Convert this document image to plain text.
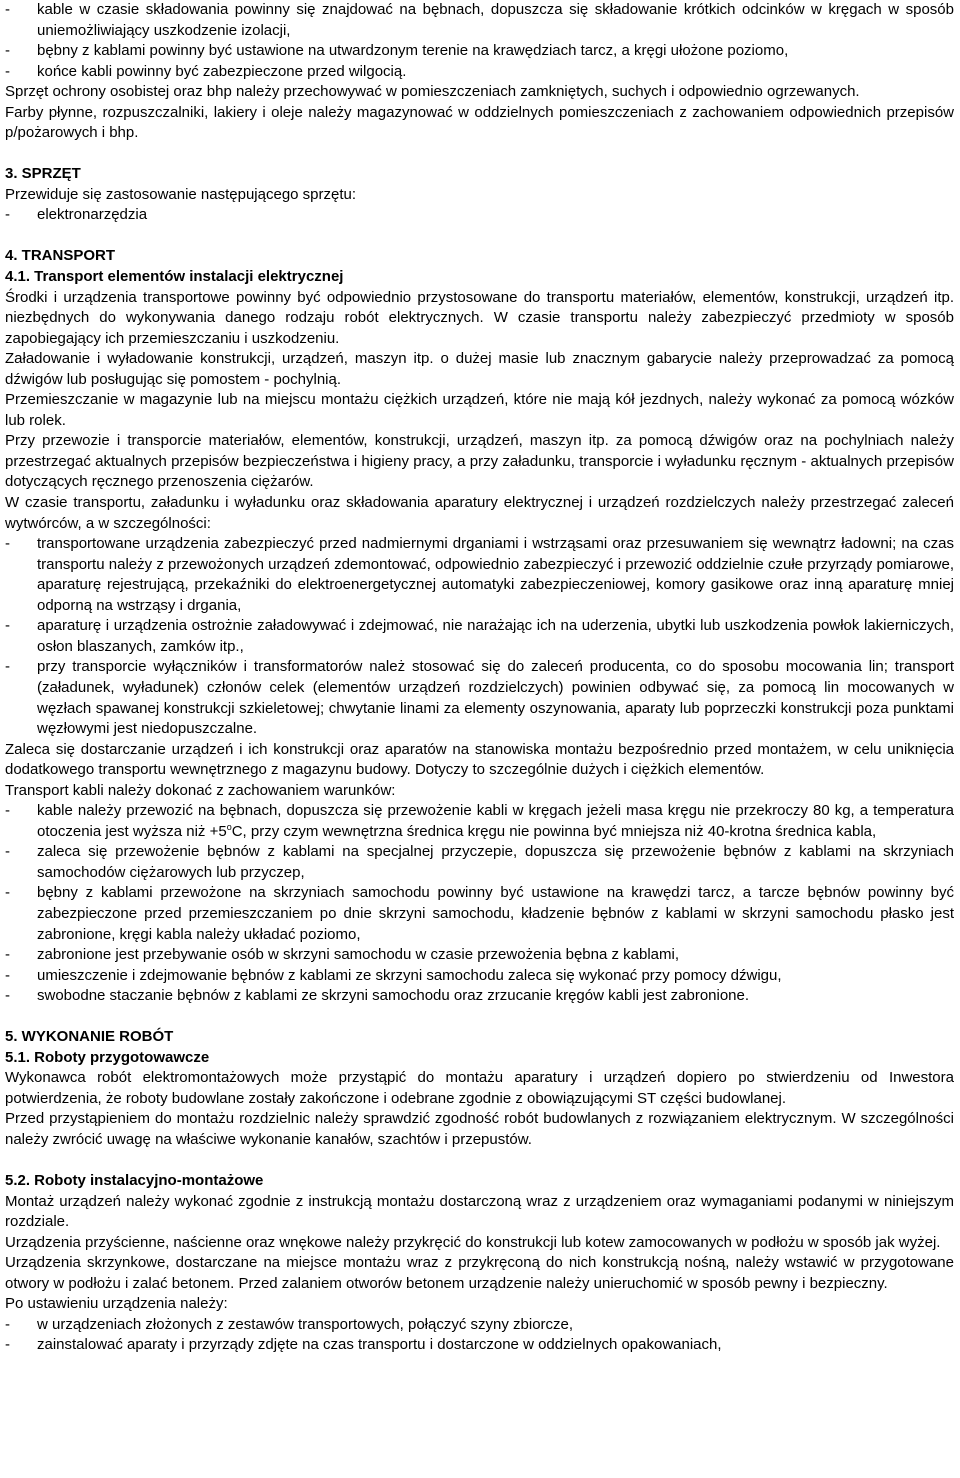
-	kable w czasie składowania powinny się znajdować na bębnach, dopuszcza się składowanie krótkich odcinków w kręgach w sposób uniemożliwiający uszkodzenie izolacji,
-	bębny z kablami powinny być ustawione na utwardzonym terenie na krawędziach tarcz, a kręgi ułożone poziomo,
-	końce kabli powinny być zabezpieczone przed wilgocią.

Sprzęt ochrony osobistej oraz bhp należy przechowywać w pomieszczeniach zamkniętych, suchych i odpowiednio ogrzewanych.

Farby płynne, rozpuszczalniki, lakiery i oleje należy magazynować w oddzielnych pomieszczeniach z zachowaniem odpowiednich przepisów p/pożarowych i bhp.

3. SPRZĘT

Przewiduje się zastosowanie następującego sprzętu:

-	elektronarzędzia

4. TRANSPORT

4.1. Transport elementów instalacji elektrycznej

Środki i urządzenia transportowe powinny być odpowiednio przystosowane do transportu materiałów, elementów, konstrukcji, urządzeń itp. niezbędnych do wykonywania danego rodzaju robót elektrycznych. W czasie transportu należy zabezpieczyć przedmioty w sposób zapobiegający ich przemieszczaniu i uszkodzeniu.

Załadowanie i wyładowanie konstrukcji, urządzeń, maszyn itp. o dużej masie lub znacznym gabarycie należy przeprowadzać za pomocą dźwigów lub posługując się pomostem - pochylnią.

Przemieszczanie w magazynie lub na miejscu montażu ciężkich urządzeń, które nie mają kół jezdnych, należy wykonać za pomocą wózków lub rolek.

Przy przewozie i transporcie materiałów, elementów, konstrukcji, urządzeń, maszyn itp. za pomocą dźwigów oraz na pochylniach należy przestrzegać aktualnych przepisów bezpieczeństwa i higieny pracy, a przy załadunku, transporcie i wyładunku ręcznym - aktualnych przepisów dotyczących ręcznego przenoszenia ciężarów.

W czasie transportu, załadunku i wyładunku oraz składowania aparatury elektrycznej i urządzeń rozdzielczych należy przestrzegać zaleceń wytwórców, a w szczególności:

-	transportowane urządzenia zabezpieczyć przed nadmiernymi drganiami i wstrząsami oraz przesuwaniem się wewnątrz ładowni; na czas transportu należy z przewożonych urządzeń zdemontować, odpowiednio zabezpieczyć i przewozić oddzielnie czułe przyrządy pomiarowe, aparaturę rejestrującą, przekaźniki do elektroenergetycznej automatyki zabezpieczeniowej, komory gasikowe oraz inną aparaturę mniej odporną na wstrząsy i drgania,
-	aparaturę i urządzenia ostrożnie załadowywać i zdejmować, nie narażając ich na uderzenia, ubytki lub uszkodzenia powłok lakierniczych, osłon blaszanych, zamków itp.,
-	przy transporcie wyłączników i transformatorów należ stosować się do zaleceń producenta, co do sposobu mocowania lin; transport (załadunek, wyładunek) członów celek (elementów urządzeń rozdzielczych) powinien odbywać się, za pomocą lin mocowanych w węzłach spawanej konstrukcji szkieletowej; chwytanie linami za elementy oszynowania, aparaty lub poprzeczki konstrukcji poza punktami węzłowymi jest niedopuszczalne.

Zaleca się dostarczanie urządzeń i ich konstrukcji oraz aparatów na stanowiska montażu bezpośrednio przed montażem, w celu uniknięcia dodatkowego transportu wewnętrznego z magazynu budowy. Dotyczy to szczególnie dużych i ciężkich elementów.

Transport kabli należy dokonać z zachowaniem warunków:

-	kable należy przewozić na bębnach, dopuszcza się przewożenie kabli w kręgach jeżeli masa kręgu nie przekroczy 80 kg, a temperatura otoczenia jest wyższa niż $+5^oC$, przy czym wewnętrzna średnica kręgu nie powinna być mniejsza niż 40-krotna średnica kabla,
-	zaleca się przewożenie bębnów z kablami na specjalnej przyczepie, dopuszcza się przewożenie bębnów z kablami na skrzyniach samochodów ciężarowych lub przyczep,
-	bębny z kablami przewożone na skrzyniach samochodu powinny być ustawione na krawędzi tarcz, a tarcze bębnów powinny być zabezpieczone przed przemieszczaniem po dnie skrzyni samochodu, kładzenie bębnów z kablami w skrzyni samochodu płasko jest zabronione, kręgi kabla należy układać poziomo,
-	zabronione jest przebywanie osób w skrzyni samochodu w czasie przewożenia bębna z kablami,
-	umieszczenie i zdejmowanie bębnów z kablami ze skrzyni samochodu zaleca się wykonać przy pomocy dźwigu,
-	swobodne staczanie bębnów z kablami ze skrzyni samochodu oraz zrzucanie kręgów kabli jest zabronione.

5. WYKONANIE ROBÓT

5.1. Roboty przygotowawcze

Wykonawca robót elektromontażowych może przystąpić do montażu aparatury i urządzeń dopiero po stwierdzeniu od Inwestora potwierdzenia, że roboty budowlane zostały zakończone i odebrane zgodnie z obowiązującymi ST części budowlanej.

Przed przystąpieniem do montażu rozdzielnic należy sprawdzić zgodność robót budowlanych z rozwiązaniem elektrycznym. W szczególności należy zwrócić uwagę na właściwe wykonanie kanałów, szachtów i przepustów.

5.2. Roboty instalacyjno-montażowe

Montaż urządzeń należy wykonać zgodnie z instrukcją montażu dostarczoną wraz z urządzeniem oraz wymaganiami podanymi w niniejszym rozdziale.

Urządzenia przyścienne, naścienne oraz wnękowe należy przykręcić do konstrukcji lub kotew zamocowanych w podłożu w sposób jak wyżej.

Urządzenia skrzynkowe, dostarczane na miejsce montażu wraz z przykręconą do nich konstrukcją nośną, należy wstawić w przygotowane otwory w podłożu i zalać betonem. Przed zalaniem otworów betonem urządzenie należy unieruchomić w sposób pewny i bezpieczny.

Po ustawieniu urządzenia należy:

-	w urządzeniach złożonych z zestawów transportowych, połączyć szyny zbiorcze,
-	zainstalować aparaty i przyrządy zdjęte na czas transportu i dostarczone w oddzielnych opakowaniach,
